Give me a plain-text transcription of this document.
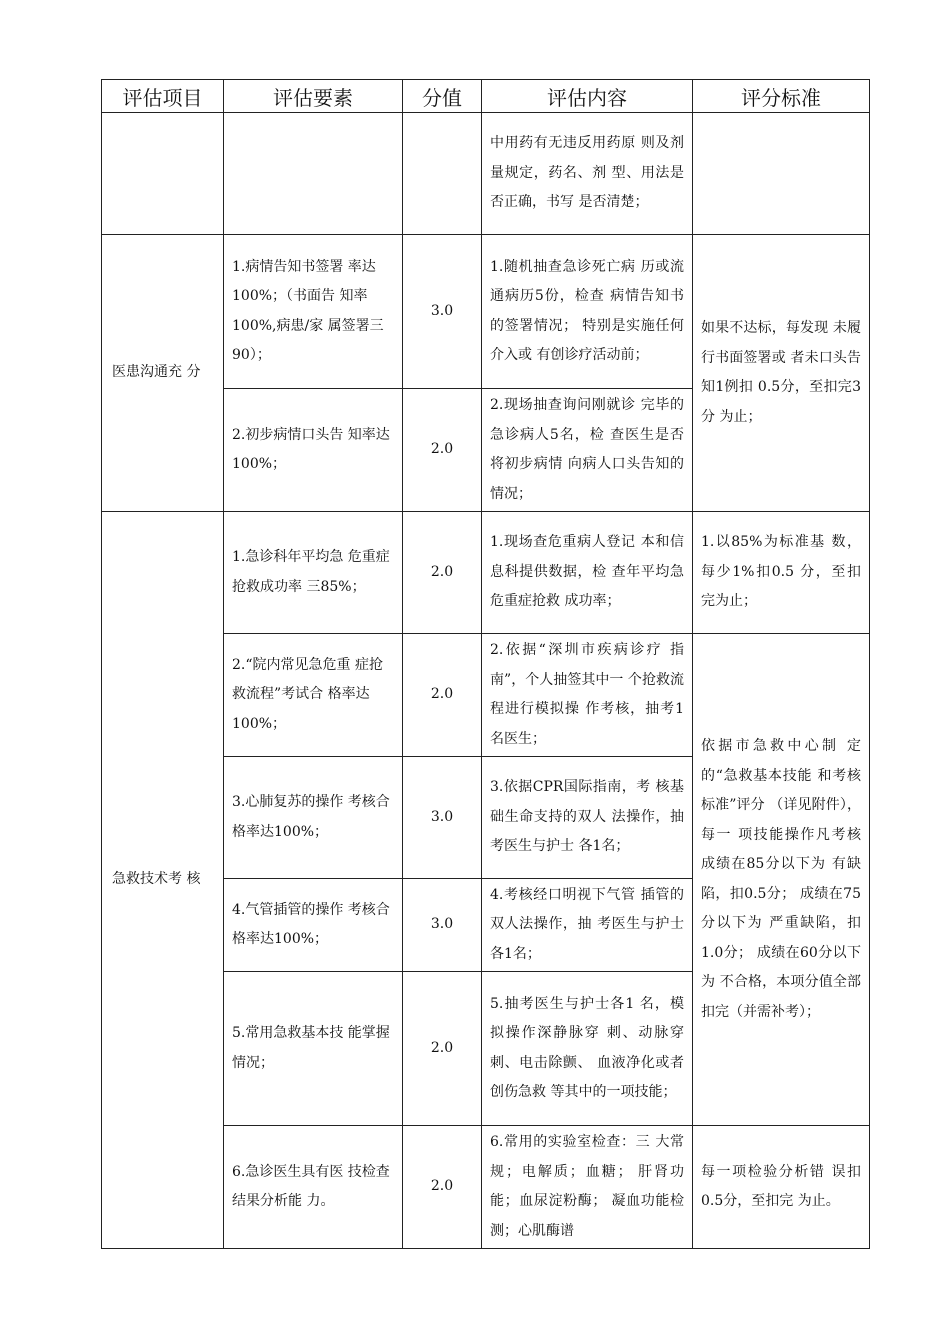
评估项目	评估要素	分值	评估内容	评分标准
			中用药有无违反用药原 则及剂量规定，药名、剂 型、用法是否正确，书写 是否清楚；	
医患沟通充 分	1.病情告知书签署 率达100%；（书面告 知率100%,病患/家 属签署三90）；	3.0	1.随机抽查急诊死亡病 历或流通病历5份，检查 病情告知书的签署情况； 特别是实施任何介入或 有创诊疗活动前；	如果不达标，每发现 未履行书面签署或 者未口头告知1例扣 0.5分，至扣完3分 为止；
	2.初步病情口头告 知率达100%；	2.0	2.现场抽查询问刚就诊 完毕的急诊病人5名，检 查医生是否将初步病情 向病人口头告知的情况；	
急救技术考 核	1.急诊科年平均急 危重症抢救成功率 三85%；	2.0	1.现场查危重病人登记 本和信息科提供数据，检 查年平均急危重症抢救 成功率；	1.以85%为标准基 数，每少1%扣0.5 分，至扣完为止；
	2.“院内常见急危重 症抢救流程”考试合 格率达100%；	2.0	2.依据“深圳市疾病诊疗 指南”，个人抽签其中一 个抢救流程进行模拟操 作考核，抽考1名医生；	依据市急救中心制 定的“急救基本技能 和考核标准”评分 （详见附件），每一 项技能操作凡考核 成绩在85分以下为 有缺陷，扣0.5分； 成绩在75分以下为 严重缺陷，扣1.0分； 成绩在60分以下为 不合格，本项分值全部扣完（并需补考）；
	3.心肺复苏的操作 考核合格率达100%；	3.0	3.依据CPR国际指南，考 核基础生命支持的双人 法操作，抽考医生与护士 各1名；	
	4.气管插管的操作 考核合格率达100%；	3.0	4.考核经口明视下气管 插管的双人法操作，抽 考医生与护士各1名；	
	5.常用急救基本技 能掌握情况；	2.0	5.抽考医生与护士各1 名，模拟操作深静脉穿 刺、动脉穿刺、电击除颤、 血液净化或者创伤急救 等其中的一项技能；	
	6.急诊医生具有医 技检查结果分析能 力。	2.0	6.常用的实验室检查：三 大常规；电解质；血糖； 肝肾功能；血尿淀粉酶； 凝血功能检测；心肌酶谱	每一项检验分析错 误扣0.5分，至扣完 为止。
